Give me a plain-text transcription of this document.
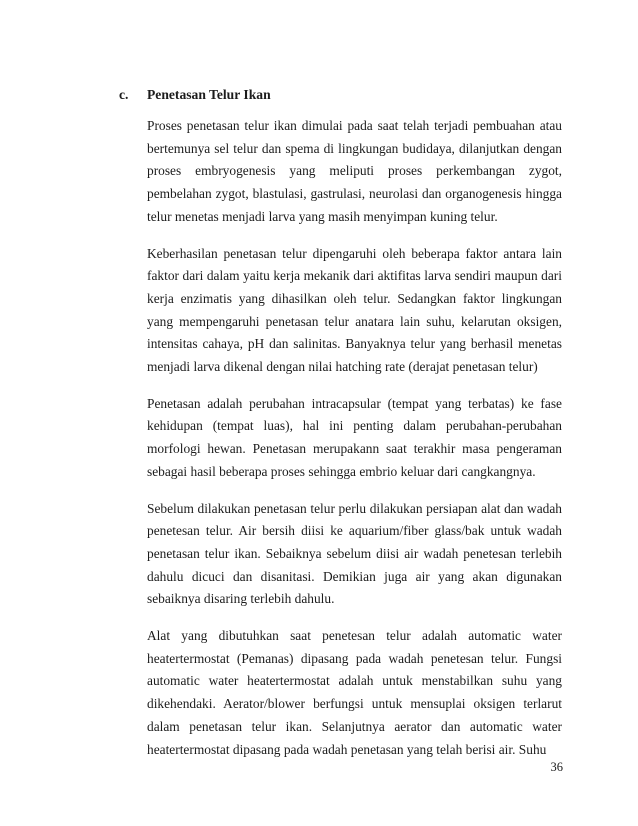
c. Penetasan Telur Ikan

Proses penetasan telur ikan dimulai pada saat telah terjadi pembuahan atau bertemunya sel telur dan spema di lingkungan budidaya, dilanjutkan dengan proses embryogenesis yang meliputi proses perkembangan zygot, pembelahan zygot, blastulasi, gastrulasi, neurolasi dan organogenesis hingga telur menetas menjadi larva yang masih menyimpan kuning telur.

Keberhasilan penetasan telur dipengaruhi oleh beberapa faktor antara lain faktor dari dalam yaitu kerja mekanik dari aktifitas larva sendiri maupun dari kerja enzimatis yang dihasilkan oleh telur. Sedangkan faktor lingkungan yang mempengaruhi penetasan telur anatara lain suhu, kelarutan oksigen, intensitas cahaya, pH dan salinitas. Banyaknya telur yang berhasil menetas menjadi larva dikenal dengan nilai hatching rate (derajat penetasan telur)

Penetasan adalah perubahan intracapsular (tempat yang terbatas) ke fase kehidupan (tempat luas), hal ini penting dalam perubahan-perubahan morfologi hewan. Penetasan merupakann saat terakhir masa pengeraman sebagai hasil beberapa proses sehingga embrio keluar dari cangkangnya.

Sebelum dilakukan penetasan telur perlu dilakukan persiapan alat dan wadah penetesan telur. Air bersih diisi ke aquarium/fiber glass/bak untuk wadah penetasan telur ikan. Sebaiknya sebelum diisi air wadah penetesan terlebih dahulu dicuci dan disanitasi. Demikian juga air yang akan digunakan sebaiknya disaring terlebih dahulu.

Alat yang dibutuhkan saat penetesan telur adalah automatic water heatertermostat (Pemanas) dipasang pada wadah penetesan telur. Fungsi automatic water heatertermostat adalah untuk menstabilkan suhu yang dikehendaki. Aerator/blower berfungsi untuk mensuplai oksigen terlarut dalam penetasan telur ikan. Selanjutnya aerator dan automatic water heatertermostat dipasang pada wadah penetasan yang telah berisi air. Suhu

36
